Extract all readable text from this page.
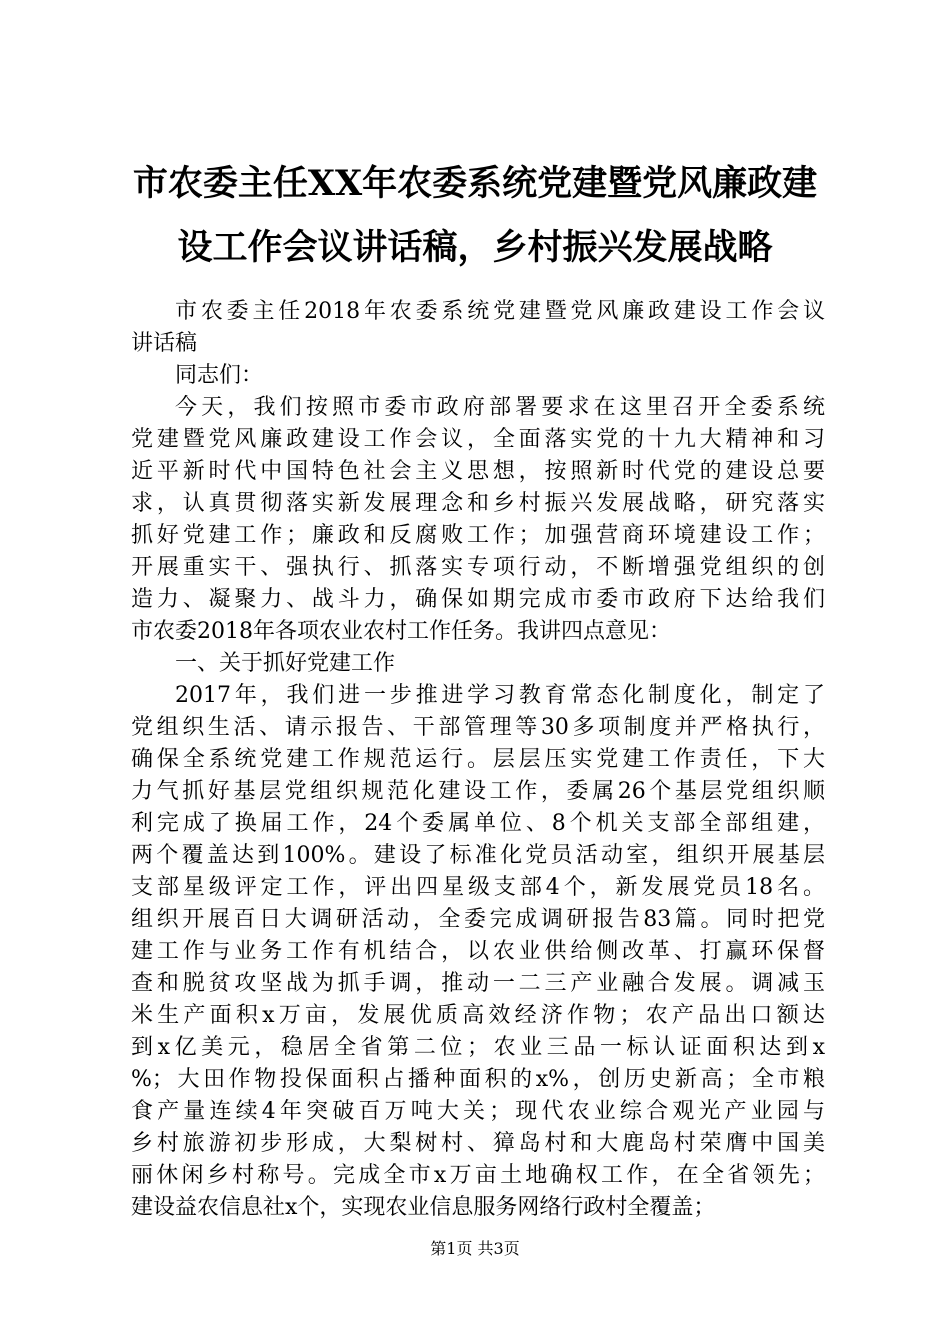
市农委主任XX年农委系统党建暨党风廉政建
设工作会议讲话稿，乡村振兴发展战略
市农委主任2018年农委系统党建暨党风廉政建设工作会议
讲话稿
同志们：
今天，我们按照市委市政府部署要求在这里召开全委系统
党建暨党风廉政建设工作会议，全面落实党的十九大精神和习
近平新时代中国特色社会主义思想，按照新时代党的建设总要
求，认真贯彻落实新发展理念和乡村振兴发展战略，研究落实
抓好党建工作；廉政和反腐败工作；加强营商环境建设工作；
开展重实干、强执行、抓落实专项行动，不断增强党组织的创
造力、凝聚力、战斗力，确保如期完成市委市政府下达给我们
市农委2018年各项农业农村工作任务。我讲四点意见：
一、关于抓好党建工作
2017年，我们进一步推进学习教育常态化制度化，制定了
党组织生活、请示报告、干部管理等30多项制度并严格执行，
确保全系统党建工作规范运行。层层压实党建工作责任，下大
力气抓好基层党组织规范化建设工作，委属26个基层党组织顺
利完成了换届工作，24个委属单位、8个机关支部全部组建，
两个覆盖达到100%。建设了标准化党员活动室，组织开展基层
支部星级评定工作，评出四星级支部4个，新发展党员18名。
组织开展百日大调研活动，全委完成调研报告83篇。同时把党
建工作与业务工作有机结合，以农业供给侧改革、打赢环保督
查和脱贫攻坚战为抓手调，推动一二三产业融合发展。调减玉
米生产面积x万亩，发展优质高效经济作物；农产品出口额达
到x亿美元，稳居全省第二位；农业三品一标认证面积达到x
%；大田作物投保面积占播种面积的x%，创历史新高；全市粮
食产量连续4年突破百万吨大关；现代农业综合观光产业园与
乡村旅游初步形成，大梨树村、獐岛村和大鹿岛村荣膺中国美
丽休闲乡村称号。完成全市x万亩土地确权工作，在全省领先；
建设益农信息社x个，实现农业信息服务网络行政村全覆盖；
第1页 共3页
